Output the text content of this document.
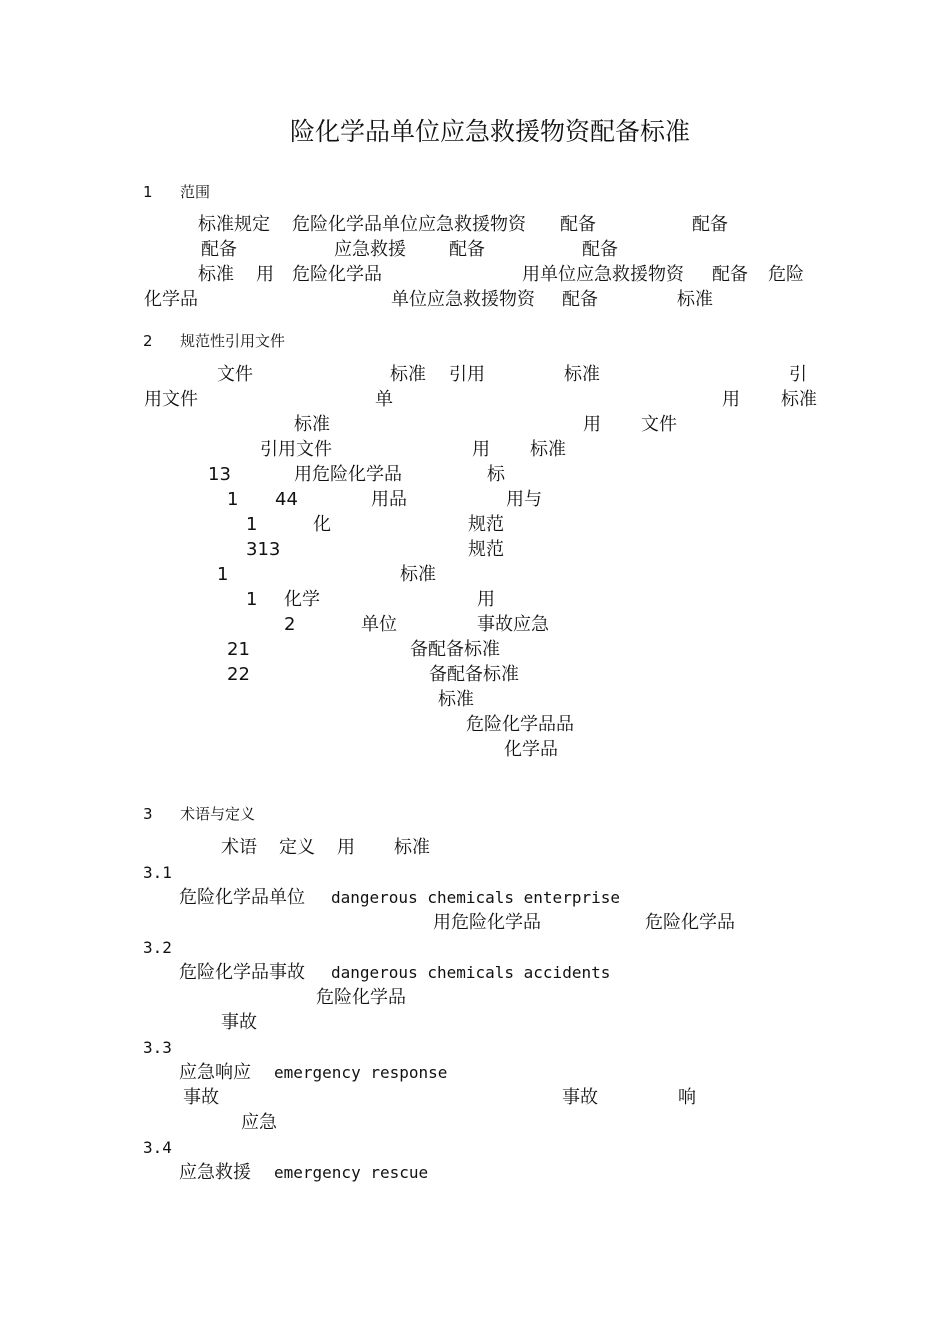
险化学品单位应急救援物资配备标准
1 范围
标准规定 危险化学品单位应急救援物资 配备	配备
配备	应急救援 配备	配备
标准 用 危险化学品	用单位应急救援物资 配备 危险
化学品	单位应急救援物资 配备	标准
2 规范性引用文件
文件	标准 引用	标准	引
用文件	单	用 标准
标准	用 文件
引用文件	用 标准
13	用危险化学品	标
1 44	用品	用与
1	化	规范
313	规范
1	标准
1 化学	用
2	单位	事故应急
21	备配备标准
22	备配备标准
标准
危险化学品品
化学品
3 术语与定义
术语 定义 用 标准
3.1
危险化学品单位 dangerous chemicals enterprise
用危险化学品	危险化学品
3.2
危险化学品事故 dangerous chemicals accidents
危险化学品
事故
3.3
应急响应 emergency response
事故	事故	响
应急
3.4
应急救援 emergency rescue
